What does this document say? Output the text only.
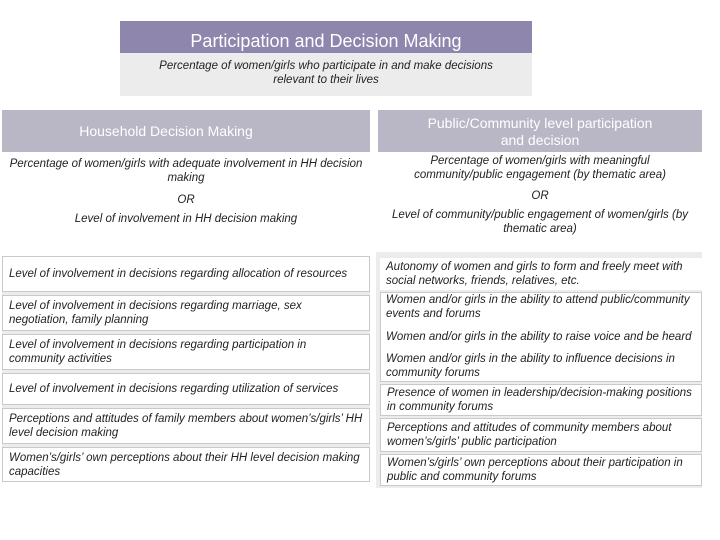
Participation and Decision Making
Percentage of women/girls who participate in and make decisions relevant to their lives
Household Decision Making
Percentage of women/girls with adequate involvement in HH decision making
OR
Level of involvement in HH decision making
Public/Community level participation and decision
Percentage of women/girls with meaningful community/public engagement (by thematic area)
OR
Level of community/public engagement of women/girls (by thematic area)
Level of involvement in decisions regarding allocation of resources
Level of involvement in decisions regarding marriage, sex negotiation, family planning
Level of involvement in decisions regarding participation in community activities
Level of involvement in decisions regarding utilization of services
Perceptions and attitudes of family members about women’s/girls’ HH level decision making
Women’s/girls’ own perceptions about their HH level decision making capacities
Autonomy of women and girls to form and freely meet with social networks, friends, relatives, etc.
Women and/or girls in the ability to attend public/community events and forums
Women and/or girls in the ability to raise voice and be heard
Women and/or girls in the ability to influence decisions in community forums
Presence of women in leadership/decision-making positions in community forums
Perceptions and attitudes of community members about women’s/girls’ public participation
Women’s/girls’ own perceptions about their participation in public and community forums
